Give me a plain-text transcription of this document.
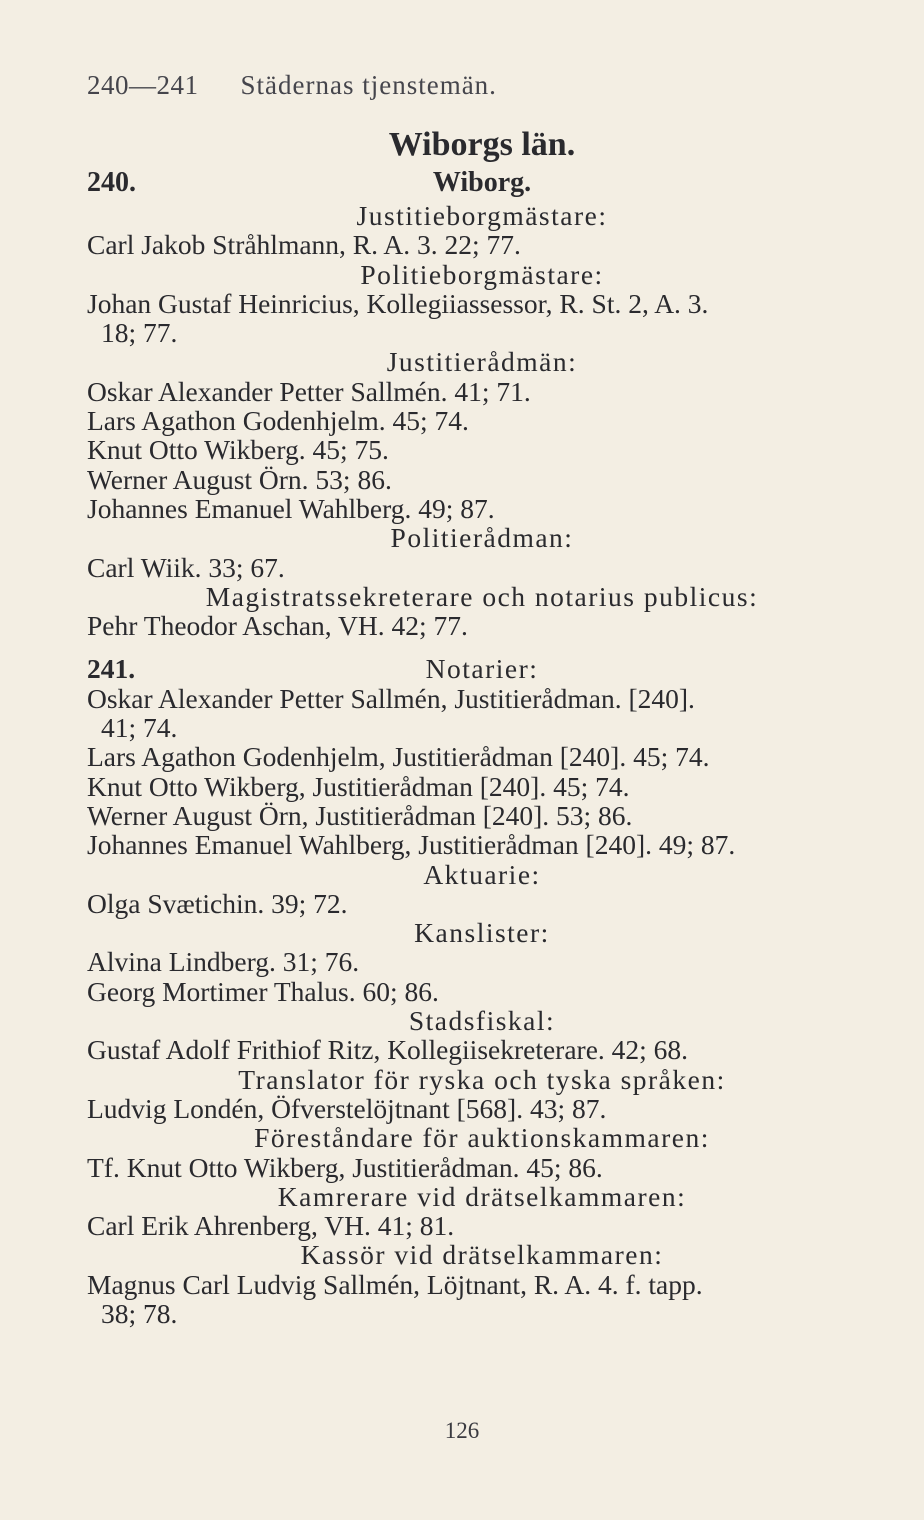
240—241 Städernas tjenstemän.
Wiborgs län.
240.	Wiborg.
Justitieborgmästare:
Carl Jakob Stråhlmann, R. A. 3. 22; 77.
Politieborgmästare:
Johan Gustaf Heinricius, Kollegiiassessor, R. St. 2, A. 3.
18; 77.
Justitierådmän:
Oskar Alexander Petter Sallmén. 41; 71.
Lars Agathon Godenhjelm. 45; 74.
Knut Otto Wikberg. 45; 75.
Werner August Örn. 53; 86.
Johannes Emanuel Wahlberg. 49; 87.
Politierådman:
Carl Wiik. 33; 67.
Magistratssekreterare och notarius publicus:
Pehr Theodor Aschan, VH. 42; 77.
241.	Notarier:
Oskar Alexander Petter Sallmén, Justitierådman. [240].
41; 74.
Lars Agathon Godenhjelm, Justitierådman [240]. 45; 74.
Knut Otto Wikberg, Justitierådman [240]. 45; 74.
Werner August Örn, Justitierådman [240]. 53; 86.
Johannes Emanuel Wahlberg, Justitierådman [240]. 49; 87.
Aktuarie:
Olga Svætichin. 39; 72.
Kanslister:
Alvina Lindberg. 31; 76.
Georg Mortimer Thalus. 60; 86.
Stadsfiskal:
Gustaf Adolf Frithiof Ritz, Kollegiisekreterare. 42; 68.
Translator för ryska och tyska språken:
Ludvig Londén, Öfverstelöjtnant [568]. 43; 87.
Föreståndare för auktionskammaren:
Tf. Knut Otto Wikberg, Justitierådman. 45; 86.
Kamrerare vid drätselkammaren:
Carl Erik Ahrenberg, VH. 41; 81.
Kassör vid drätselkammaren:
Magnus Carl Ludvig Sallmén, Löjtnant, R. A. 4. f. tapp.
38; 78.
126
